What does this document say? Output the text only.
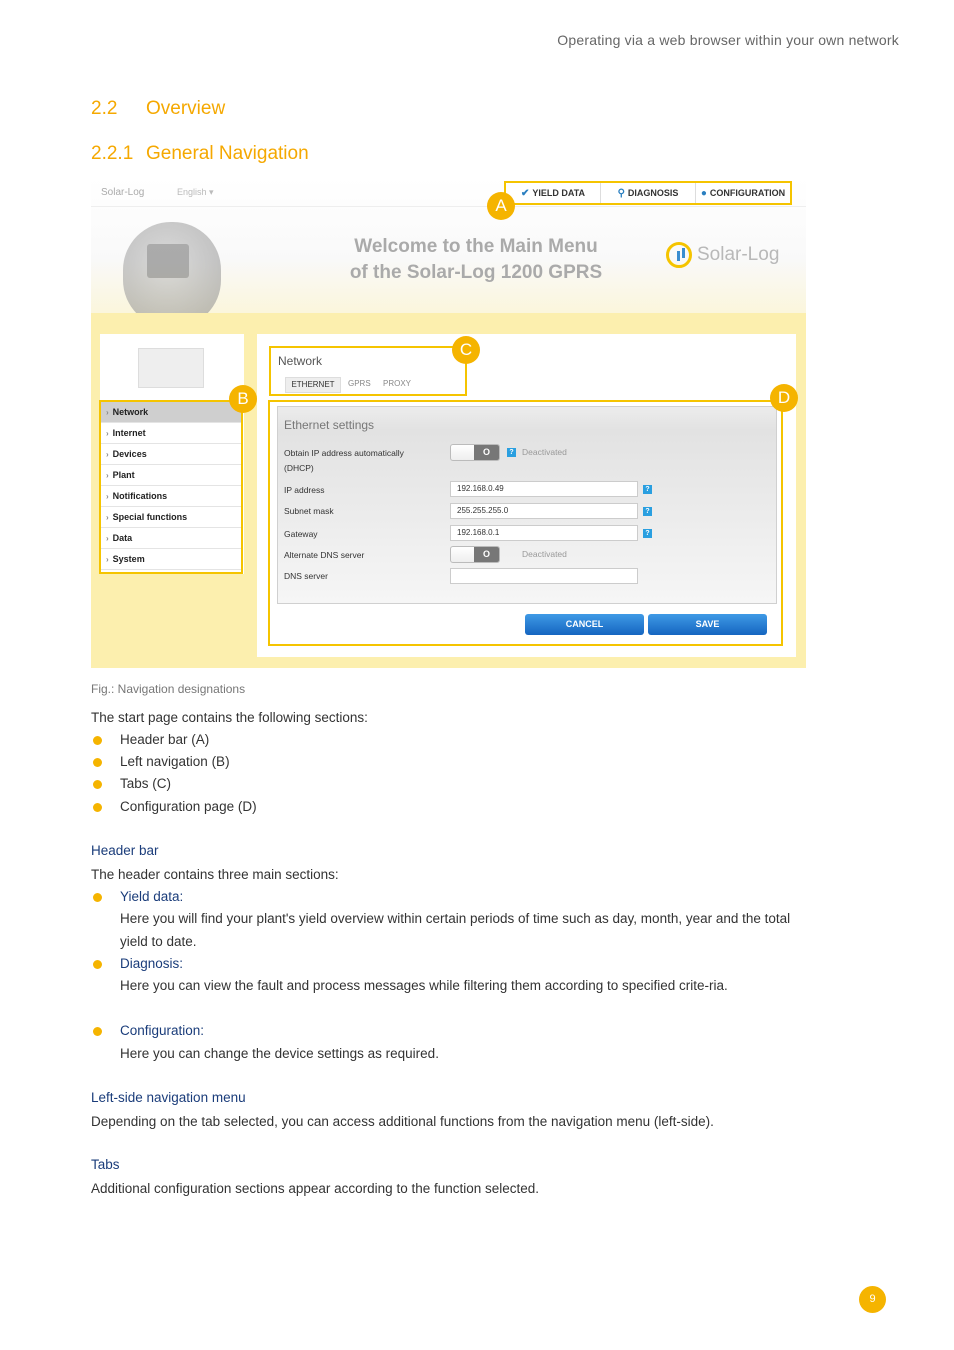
Operating via a web browser within your own network
2.2 Overview
2.2.1 General Navigation
Solar-Log	English ▾	✔ YIELD DATA	⚲ DIAGNOSIS ● CONFIGURATION
Welcome to the Main Menu
of the Solar-Log 1200 GPRS
Solar-Log
› Network
› Internet
› Devices
› Plant
› Notifications
› Special functions
› Data
› System
Network
ETHERNET	GPRS PROXY
Ethernet settings
Obtain IP address automatically
(DHCP)
O	? Deactivated
IP address	192.168.0.49	?
Subnet mask	255.255.255.0	?
Gateway	192.168.0.1	?
Alternate DNS server	O	Deactivated
DNS server
CANCEL	SAVE
A
B
C
D
Fig.: Navigation designations
The start page contains the following sections:
Header bar (A)
Left navigation (B)
Tabs (C)
Configuration page (D)
Header bar
The header contains three main sections:
Yield data:
Here you will find your plant's yield overview within certain periods of time such as day, month, year and the total yield to date.
Diagnosis:
Here you can view the fault and process messages while filtering them according to specified crite-ria.
Configuration:
Here you can change the device settings as required.
Left-side navigation menu
Depending on the tab selected, you can access additional functions from the navigation menu (left-side).
Tabs
Additional configuration sections appear according to the function selected.
9
